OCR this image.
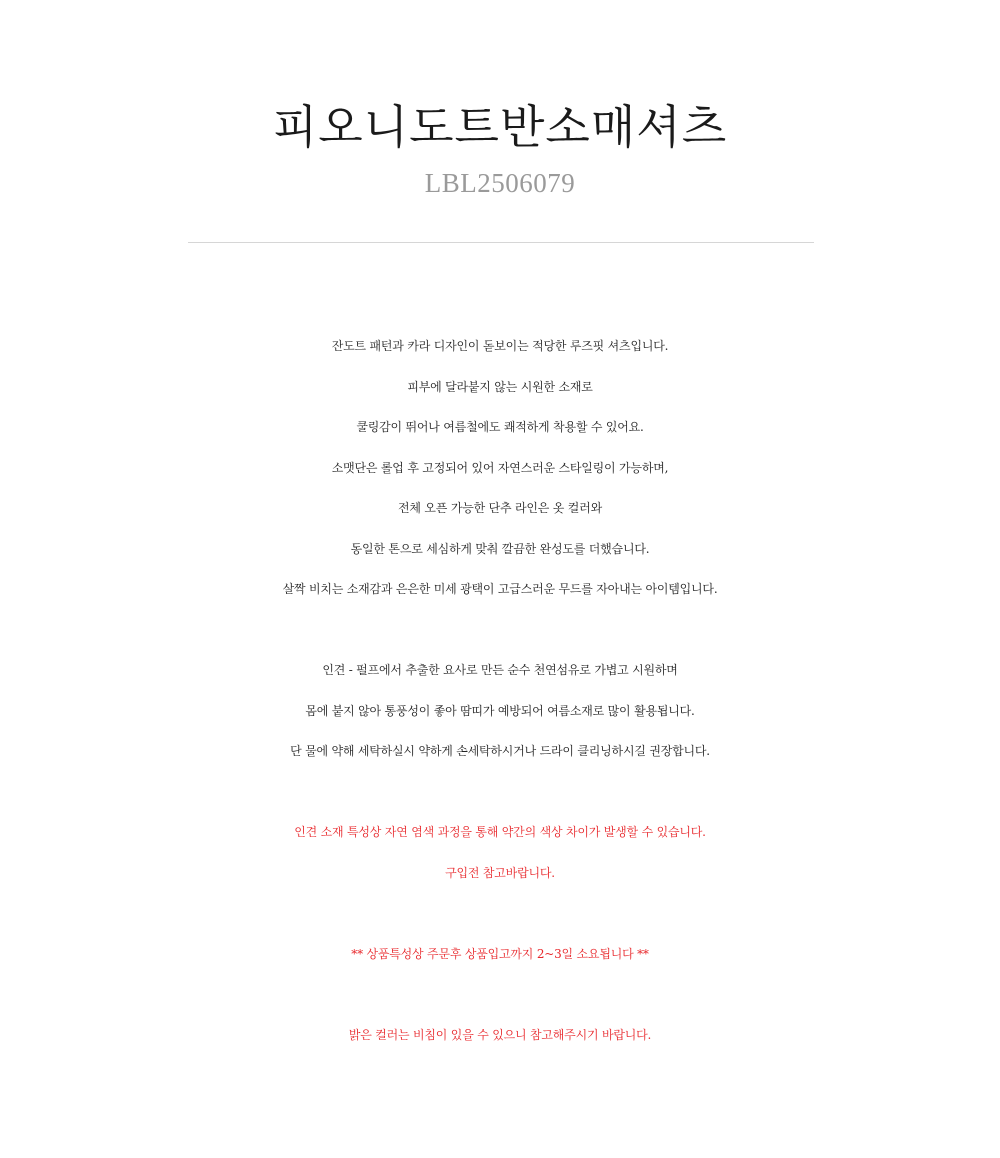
피오니도트반소매셔츠
LBL2506079

잔도트 패턴과 카라 디자인이 돋보이는 적당한 루즈핏 셔츠입니다.
피부에 달라붙지 않는 시원한 소재로
쿨링감이 뛰어나 여름철에도 쾌적하게 착용할 수 있어요.
소맷단은 롤업 후 고정되어 있어 자연스러운 스타일링이 가능하며,
전체 오픈 가능한 단추 라인은 옷 컬러와
동일한 톤으로 세심하게 맞춰 깔끔한 완성도를 더했습니다.
살짝 비치는 소재감과 은은한 미세 광택이 고급스러운 무드를 자아내는 아이템입니다.

인견 - 펄프에서 추출한 요사로 만든 순수 천연섬유로 가볍고 시원하며
몸에 붙지 않아 통풍성이 좋아 땀띠가 예방되어 여름소재로 많이 활용됩니다.
단 물에 약해 세탁하실시 약하게 손세탁하시거나 드라이 클리닝하시길 권장합니다.

인견 소재 특성상 자연 염색 과정을 통해 약간의 색상 차이가 발생할 수 있습니다.
구입전 참고바랍니다.

** 상품특성상 주문후 상품입고까지 2~3일 소요됩니다 **

밝은 컬러는 비침이 있을 수 있으니 참고해주시기 바랍니다.
